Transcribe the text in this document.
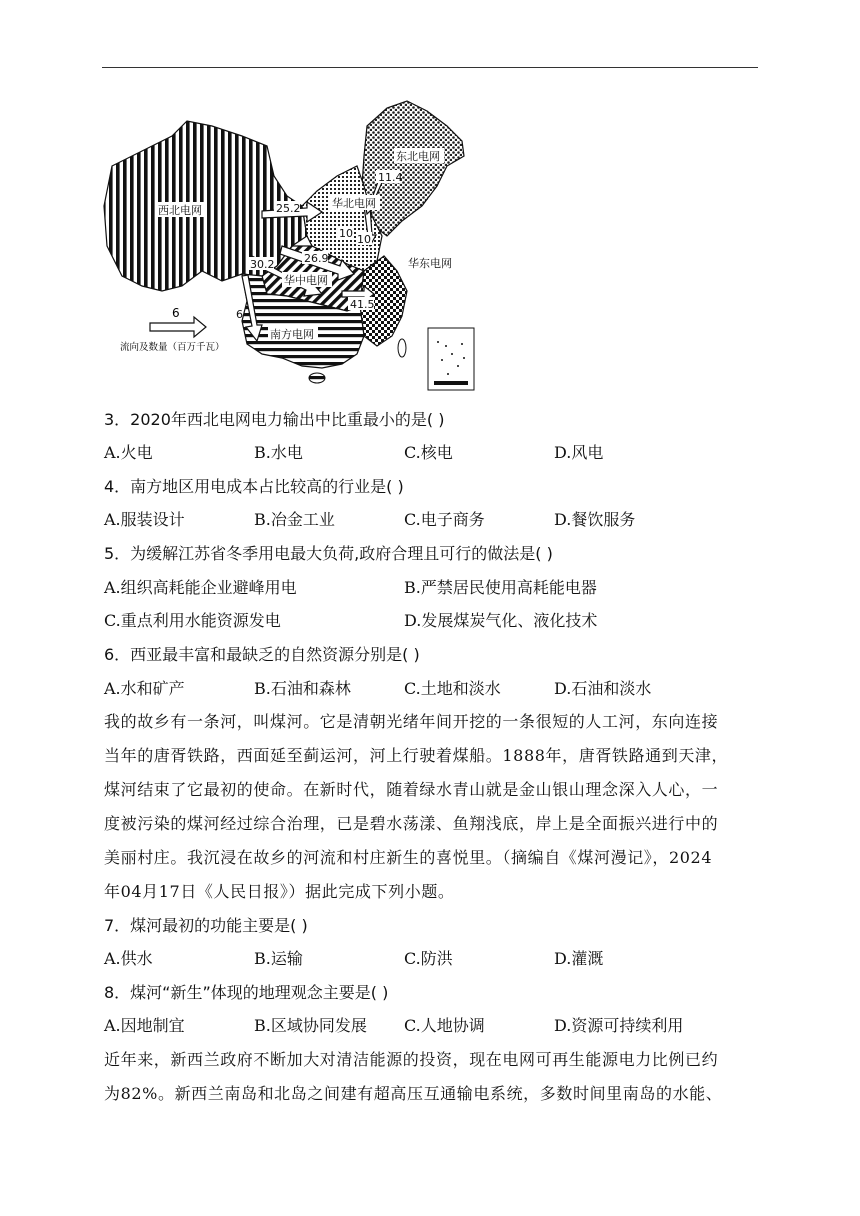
东北电网
西北电网
华北电网
华东电网
华中电网
南方电网
11.4
25.2
10 10
26.9
30.2
41.5
6
6
流向及数量（百万千瓦）
3．2020年西北电网电力输出中比重最小的是( )
A.火电	B.水电	C.核电	D.风电
4．南方地区用电成本占比较高的行业是( )
A.服装设计	B.冶金工业	C.电子商务	D.餐饮服务
5．为缓解江苏省冬季用电最大负荷,政府合理且可行的做法是( )
A.组织高耗能企业避峰用电	B.严禁居民使用高耗能电器
C.重点利用水能资源发电	D.发展煤炭气化、液化技术
6．西亚最丰富和最缺乏的自然资源分别是( )
A.水和矿产	B.石油和森林	C.土地和淡水	D.石油和淡水
我的故乡有一条河，叫煤河。它是清朝光绪年间开挖的一条很短的人工河，东向连接
当年的唐胥铁路，西面延至蓟运河，河上行驶着煤船。1888年，唐胥铁路通到天津，
煤河结束了它最初的使命。在新时代，随着绿水青山就是金山银山理念深入人心，一
度被污染的煤河经过综合治理，已是碧水荡漾、鱼翔浅底，岸上是全面振兴进行中的
美丽村庄。我沉浸在故乡的河流和村庄新生的喜悦里。（摘编自《煤河漫记》，2024
年04月17日《人民日报》）据此完成下列小题。
7．煤河最初的功能主要是( )
A.供水	B.运输	C.防洪	D.灌溉
8．煤河“新生”体现的地理观念主要是( )
A.因地制宜	B.区域协同发展 C.人地协调	D.资源可持续利用
近年来，新西兰政府不断加大对清洁能源的投资，现在电网可再生能源电力比例已约
为82%。新西兰南岛和北岛之间建有超高压互通输电系统，多数时间里南岛的水能、
